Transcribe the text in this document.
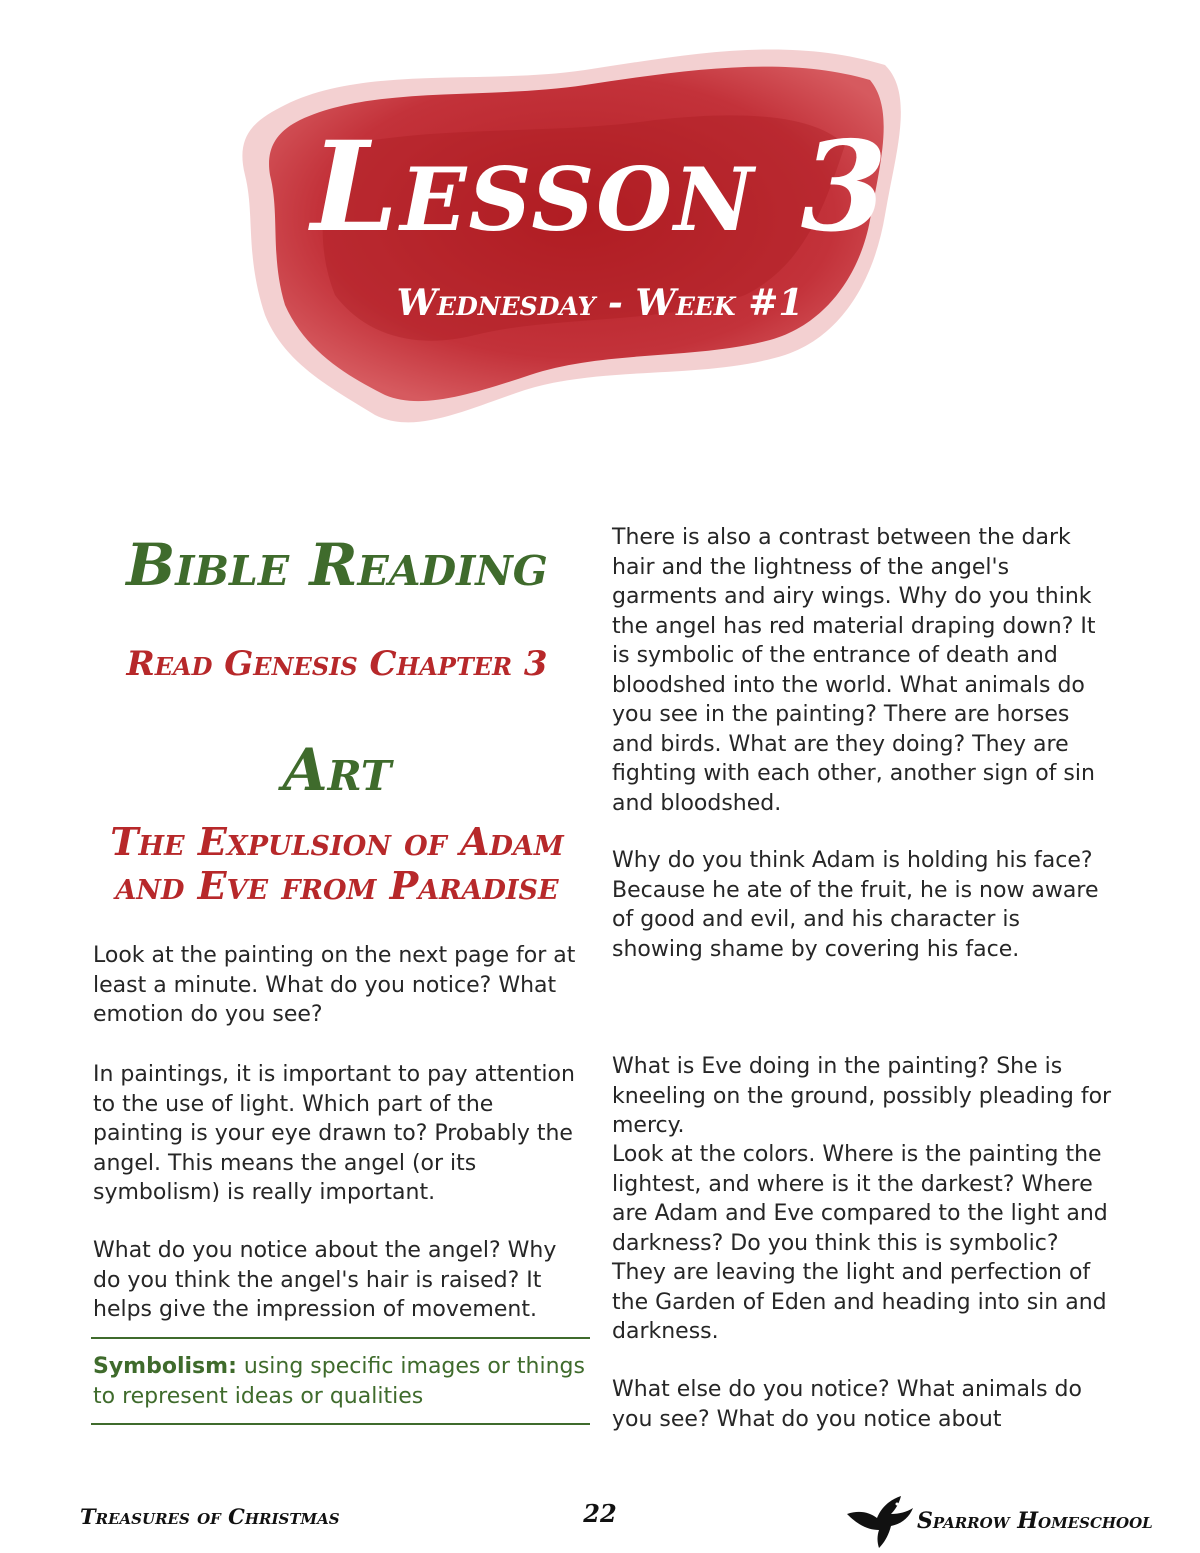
Lesson 3
Wednesday - Week #1
Bible Reading
Read Genesis Chapter 3
Art
The Expulsion of Adam and Eve from Paradise

Look at the painting on the next page for at least a minute. What do you notice? What emotion do you see?

In paintings, it is important to pay attention to the use of light. Which part of the painting is your eye drawn to? Probably the angel. This means the angel (or its symbolism) is really important.

What do you notice about the angel? Why do you think the angel's hair is raised? It helps give the impression of movement.

Symbolism: using specific images or things to represent ideas or qualities

There is also a contrast between the dark hair and the lightness of the angel's garments and airy wings. Why do you think the angel has red material draping down? It is symbolic of the entrance of death and bloodshed into the world. What animals do you see in the painting? There are horses and birds. What are they doing? They are fighting with each other, another sign of sin and bloodshed.

Why do you think Adam is holding his face? Because he ate of the fruit, he is now aware of good and evil, and his character is showing shame by covering his face.

What is Eve doing in the painting? She is kneeling on the ground, possibly pleading for mercy.

Look at the colors. Where is the painting the lightest, and where is it the darkest? Where are Adam and Eve compared to the light and darkness? Do you think this is symbolic? They are leaving the light and perfection of the Garden of Eden and heading into sin and darkness.

What else do you notice? What animals do you see? What do you notice about

Treasures of Christmas	22	Sparrow Homeschool
